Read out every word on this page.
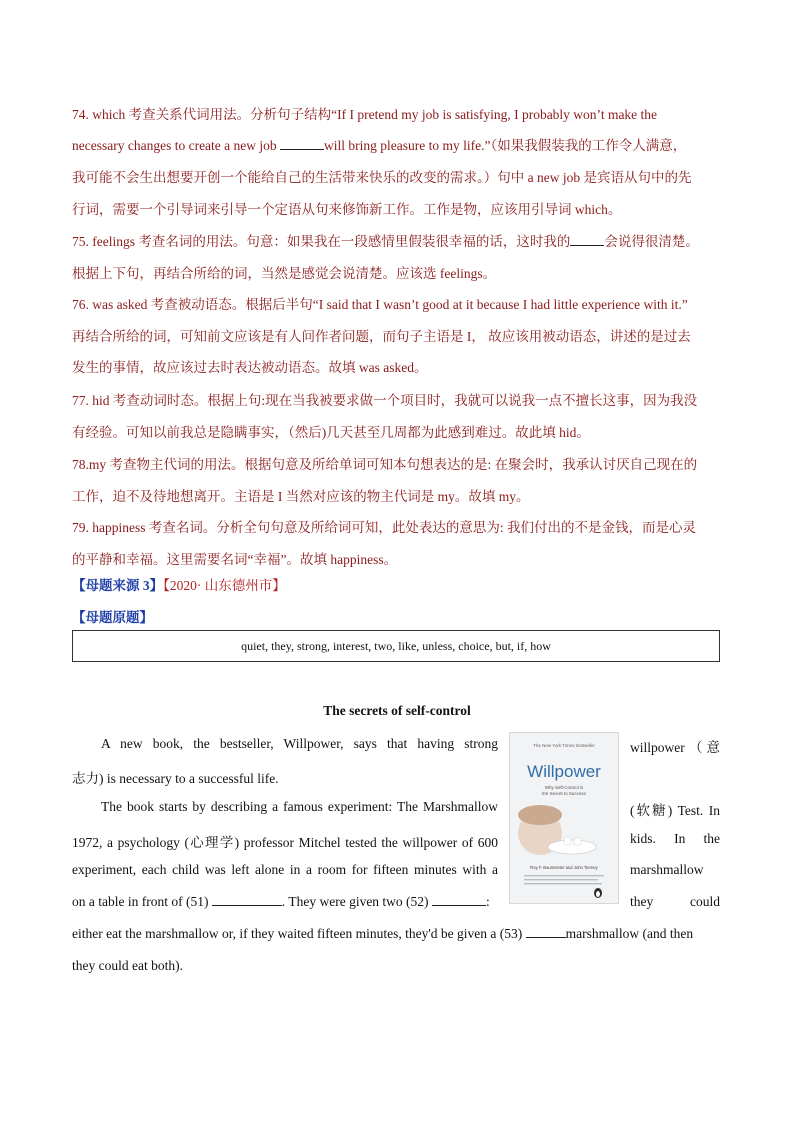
74. which 考查关系代词用法。分析句子结构“If I pretend my job is satisfying, I probably won’t make the
necessary changes to create a new job	will bring pleasure to my life.”（如果我假装我的工作令人满意，
我可能不会生出想要开创一个能给自己的生活带来快乐的改变的需求。）句中 a new job 是宾语从句中的先
行词，需要一个引导词来引导一个定语从句来修饰新工作。工作是物，应该用引导词 which。
75. feelings 考查名词的用法。句意：如果我在一段感情里假装很幸福的话，这时我的	会说得很清楚。
根据上下句，再结合所给的词，当然是感觉会说清楚。应该选 feelings。
76. was asked 考查被动语态。根据后半句“I said that I wasn’t good at it because I had little experience with it.”
再结合所给的词，可知前文应该是有人问作者问题，而句子主语是 I， 故应该用被动语态，讲述的是过去
发生的事情，故应该过去时表达被动语态。故填 was asked。
77. hid 考查动词时态。根据上句:现在当我被要求做一个项目时，我就可以说我一点不擅长这事，因为我没
有经验。可知以前我总是隐瞒事实，（然后)几天甚至几周都为此感到难过。故此填 hid。
78.my 考查物主代词的用法。根据句意及所给单词可知本句想表达的是: 在聚会时，我承认讨厌自己现在的
工作，迫不及待地想离开。主语是 I 当然对应该的物主代词是 my。故填 my。
79. happiness 考查名词。分析全句句意及所给词可知，此处表达的意思为: 我们付出的不是金钱，而是心灵
的平静和幸福。这里需要名词“幸福”。故填 happiness。
【母题来源 3】【2020· 山东德州市】
【母题原题】
quiet, they, strong, interest, two, like, unless, choice, but, if, how
The secrets of self-control
A new book, the bestseller, Willpower, says that having strong	willpower（意
志力) is necessary to a successful life.
The book starts by describing a famous experiment: The Marshmallow	(软糖) Test. In
1972, a psychology (心理学) professor Mitchel tested the willpower of 600	kids. In the
experiment, each child was left alone in a room for fifteen minutes with a	marshmallow
on a table in front of (51)	. They were given two (52)	:	they could
either eat the marshmallow or, if they waited fifteen minutes, they'd be given a (53)	marshmallow (and then
they could eat both).
The New York Times bestseller
Willpower
Why Self-Control is
the Secret to Success
Roy F. Baumeister and John Tierney
